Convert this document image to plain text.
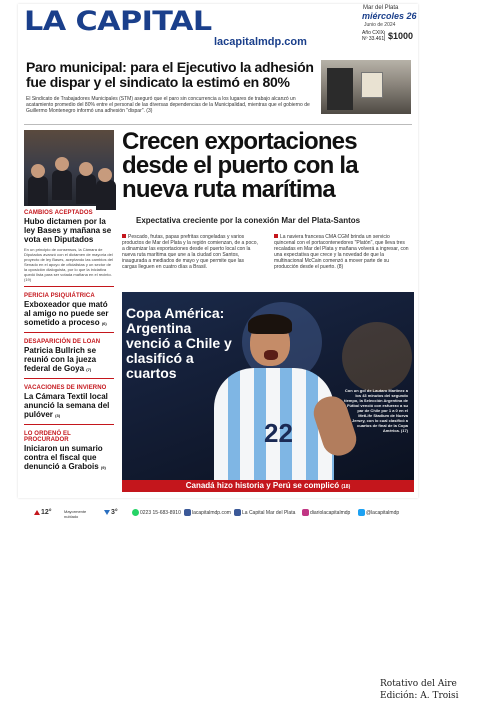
LA CAPITAL
lacapitalmdp.com
Mar del Plata
miércoles 26
Junio de 2024
Año CXIX
Nº 33.461 $1000
Paro municipal: para el Ejecutivo la adhesión fue dispar y el sindicato la estimó en 80%

El Sindicato de Trabajadores Municipales (STM) aseguró que el paro sin concurrencia a los lugares de trabajo alcanzó un acatamiento promedio del 80% entre el personal de las diversas dependencias de la Municipalidad, mientras que el gobierno de Guillermo Montenegro informó una adhesión "dispar". (3)

CAMBIOS ACEPTADOS
Hubo dictamen por la ley Bases y mañana se vota en Diputados
En un principio de consensos, la Cámara de Diputados avanzó con el dictamen de mayoría del proyecto de ley Bases, aceptando las cambios del Senado en el apoyo de oficialistas y un sector de la oposición dialoguista, por lo que la iniciativa quedó lista para ser votada mañana en el recinto. (19)
PERICIA PSIQUIÁTRICA
Exboxeador que mató al amigo no puede ser sometido a proceso (6)
DESAPARICIÓN DE LOAN
Patricia Bullrich se reunió con la jueza federal de Goya (7)
VACACIONES DE INVIERNO
La Cámara Textil local anunció la semana del pulóver (3)
LO ORDENÓ EL PROCURADOR
Iniciaron un sumario contra el fiscal que denunció a Grabois (9)
Crecen exportaciones desde el puerto con la nueva ruta marítima
Expectativa creciente por la conexión Mar del Plata-Santos
Pescado, frutas, papas prefritas congeladas y varios productos de Mar del Plata y la región comienzan, de a poco, a dinamizar las exportaciones desde el puerto local con la nueva ruta marítima que une a la ciudad con Santos, inaugurada a mediados de mayo y que permite que las cargas lleguen en cuatro días a Brasil.
La naviera francesa CMA CGM brinda un servicio quincenal con el portacontenedores "Platón", que lleva tres recaladas en Mar del Plata y mañana volverá a ingresar, con una expectativa que crece y la novedad de que la multinacional McCain comenzó a mover parte de su producción desde el puerto. (8)
22
Copa América:
Argentina venció a Chile y clasificó a cuartos
Con un gol de Lautaro Martínez a los 43 minutos del segundo tiempo, la Selección Argentina de Fútbol venció con esfuerzo a su par de Chile por 1 a 0 en el MetLife Stadium de Nueva Jersey, con lo cual clasificó a cuartos de final de la Copa América. (17)
Canadá hizo historia y Perú se complicó (18)
12°	Mayormente nublado
3°	0223 15-683-8910	lacapitalmdp.com	La Capital Mar del Plata	diariolacapitalmdp	@lacapitalmdp
Rotativo del Aire
Edición: A. Troisi
